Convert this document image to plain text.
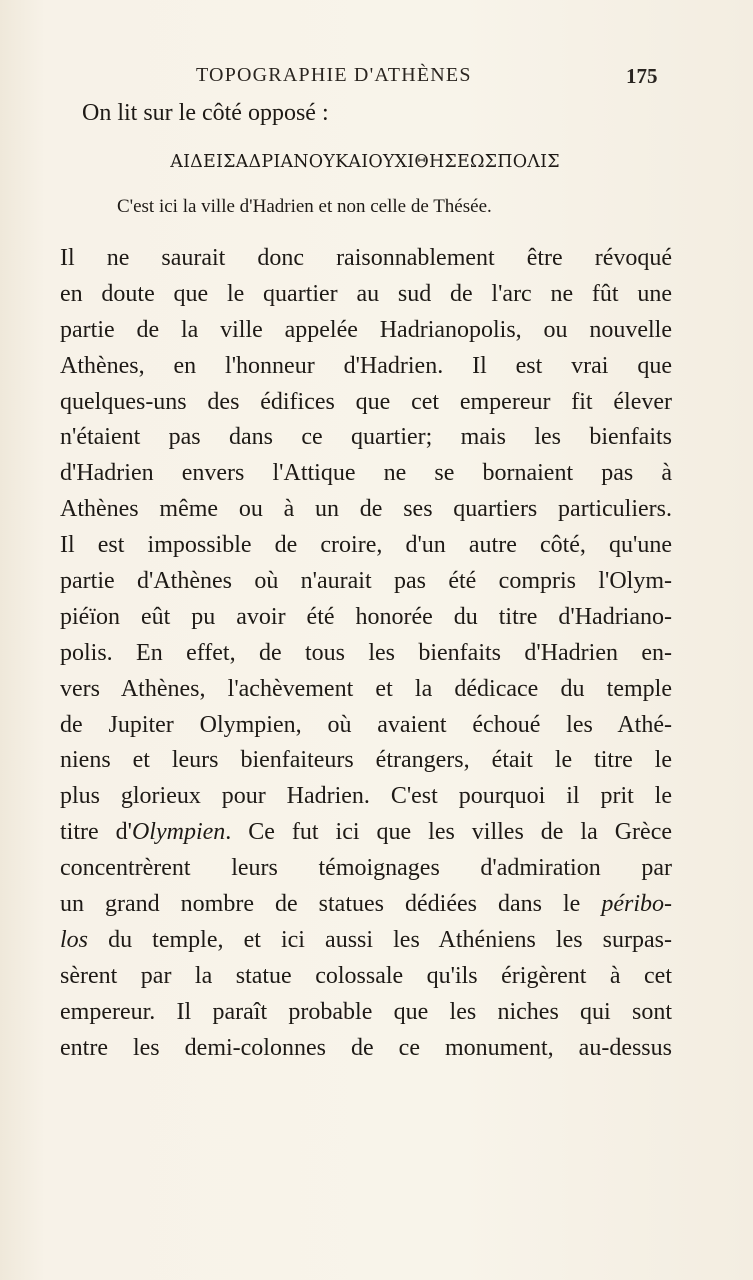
TOPOGRAPHIE D'ATHÈNES	175
On lit sur le côté opposé :
ΑΙΔΕΙΣΑΔΡΙΑΝΟΥΚΑΙΟΥΧΙΘΗΣΕΩΣΠΟΛΙΣ
C'est ici la ville d'Hadrien et non celle de Thésée.
Il ne saurait donc raisonnablement être révoqué
en doute que le quartier au sud de l'arc ne fût une
partie de la ville appelée Hadrianopolis, ou nouvelle
Athènes, en l'honneur d'Hadrien. Il est vrai que
quelques-uns des édifices que cet empereur fit élever
n'étaient pas dans ce quartier; mais les bienfaits
d'Hadrien envers l'Attique ne se bornaient pas à
Athènes même ou à un de ses quartiers particuliers.
Il est impossible de croire, d'un autre côté, qu'une
partie d'Athènes où n'aurait pas été compris l'Olym-
piéïon eût pu avoir été honorée du titre d'Hadriano-
polis. En effet, de tous les bienfaits d'Hadrien en-
vers Athènes, l'achèvement et la dédicace du temple
de Jupiter Olympien, où avaient échoué les Athé-
niens et leurs bienfaiteurs étrangers, était le titre le
plus glorieux pour Hadrien. C'est pourquoi il prit le
titre d'Olympien. Ce fut ici que les villes de la Grèce
concentrèrent leurs témoignages d'admiration par
un grand nombre de statues dédiées dans le péribo-
los du temple, et ici aussi les Athéniens les surpas-
sèrent par la statue colossale qu'ils érigèrent à cet
empereur. Il paraît probable que les niches qui sont
entre les demi-colonnes de ce monument, au-dessus
